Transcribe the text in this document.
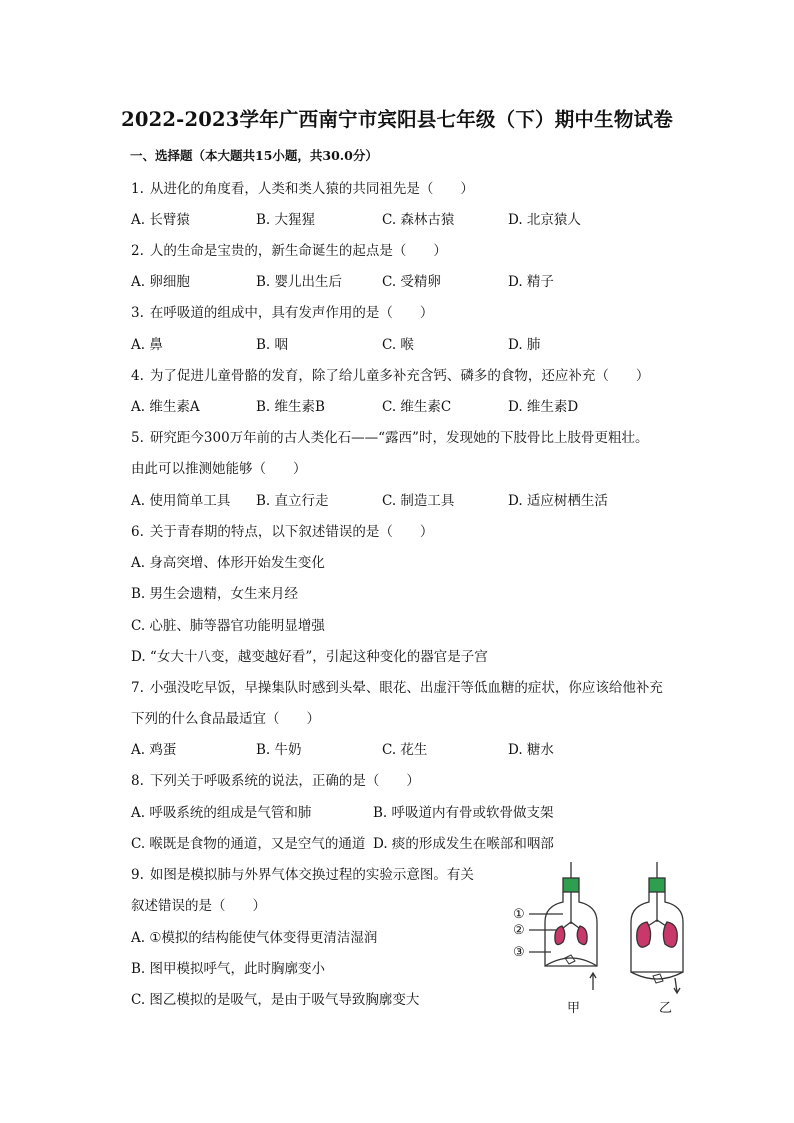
2022-2023学年广西南宁市宾阳县七年级（下）期中生物试卷
一、选择题（本大题共15小题，共30.0分）
1. 从进化的角度看，人类和类人猿的共同祖先是（　　）
A. 长臂猿	B. 大猩猩	C. 森林古猿	D. 北京猿人
2. 人的生命是宝贵的，新生命诞生的起点是（　　）
A. 卵细胞	B. 婴儿出生后	C. 受精卵	D. 精子
3. 在呼吸道的组成中，具有发声作用的是（　　）
A. 鼻	B. 咽	C. 喉	D. 肺
4. 为了促进儿童骨骼的发育，除了给儿童多补充含钙、磷多的食物，还应补充（　　）
A. 维生素A	B. 维生素B	C. 维生素C	D. 维生素D
5. 研究距今300万年前的古人类化石——“露西”时，发现她的下肢骨比上肢骨更粗壮。
由此可以推测她能够（　　）
A. 使用简单工具 B. 直立行走	C. 制造工具	D. 适应树栖生活
6. 关于青春期的特点，以下叙述错误的是（　　）
A. 身高突增、体形开始发生变化
B. 男生会遗精，女生来月经
C. 心脏、肺等器官功能明显增强
D. “女大十八变，越变越好看”，引起这种变化的器官是子宫
7. 小强没吃早饭，早操集队时感到头晕、眼花、出虚汗等低血糖的症状，你应该给他补充
下列的什么食品最适宜（　　）
A. 鸡蛋	B. 牛奶	C. 花生	D. 糖水
8. 下列关于呼吸系统的说法，正确的是（　　）
A. 呼吸系统的组成是气管和肺	B. 呼吸道内有骨或软骨做支架
C. 喉既是食物的通道，又是空气的通道 D. 痰的形成发生在喉部和咽部
9. 如图是模拟肺与外界气体交换过程的实验示意图。有关
叙述错误的是（　　）
A. ①模拟的结构能使气体变得更清洁湿润
B. 图甲模拟呼气，此时胸廓变小
C. 图乙模拟的是吸气，是由于吸气导致胸廓变大
①
②
③
甲	乙
